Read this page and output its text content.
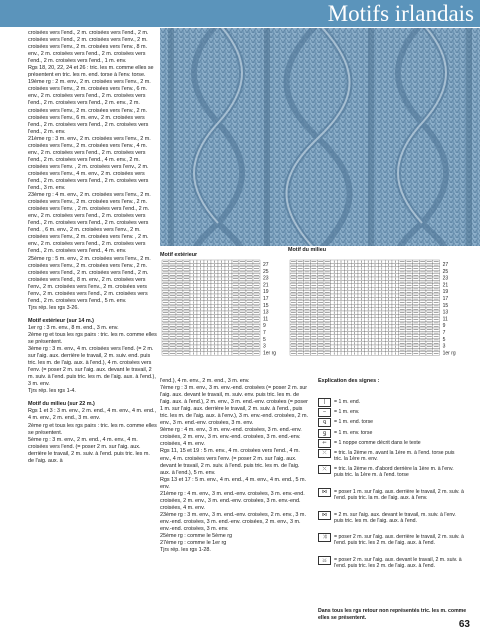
Motifs irlandais

croisées vers l'end., 2 m. croisées vers l'end., 2 m. croisées vers l'end., 2 m. croisées vers l'env., 2 m. croisées vers l'env., 2 m. croisées vers l'env., 8 m. env., 2 m. croisées vers l'end., 2 m. croisées vers l'end., 2 m. croisées vers l'end., 1 m. env.

Rgs 18, 20, 22, 24 et 26 : tric. les m. comme elles se présentent en tric. les m. end. torse à l'env. torse.

19ème rg : 2 m. env., 2 m. croisées vers l'env., 2 m. croisées vers l'env., 2 m. croisées vers l'env., 6 m. env., 2 m. croisées vers l'end., 2 m. croisées vers l'end., 2 m. croisées vers l'end., 2 m. env., 2 m. croisées vers l'env., 2 m. croisées vers l'env., 2 m. croisées vers l'env., 6 m. env., 2 m. croisées vers l'end., 2 m. croisées vers l'end., 2 m. croisées vers l'end., 2 m. env.

21ème rg : 3 m. env., 2 m. croisées vers l'env., 2 m. croisées vers l'env., 2 m. croisées vers l'env., 4 m. env., 2 m. croisées vers l'end., 2 m. croisées vers l'end., 2 m. croisées vers l'end., 4 m. env., 2 m. croisées vers l'env. , 2 m. croisées vers l'env., 2 m. croisées vers l'env., 4 m. env., 2 m. croisées vers l'end., 2 m. croisées vers l'end., 2 m. croisées vers l'end., 3 m. env.

23ème rg : 4 m. env., 2 m. croisées vers l'env., 2 m. croisées vers l'env., 2 m. croisées vers l'env., 2 m. croisées vers l'env. , 2 m. croisées vers l'end., 2 m. env., 2 m. croisées vers l'end., 2 m. croisées vers l'end., 2 m. croisées vers l'end., 2 m. croisées vers l'end. , 6 m. env., 2 m. croisées vers l'env., 2 m. croisées vers l'env., 2 m. croisées vers l'env. , 2 m. env., 2 m. croisées vers l'end., 2 m. croisées vers l'end., 2 m. croisées vers l'end., 4 m. env.

25ème rg : 5 m. env., 2 m. croisées vers l'env., 2 m. croisées vers l'env., 2 m. croisées vers l'env., 2 m. croisées vers l'end., 2 m. croisées vers l'end., 2 m. croisées vers l'end., 8 m. env., 2 m. croisées vers l'env., 2 m. croisées vers l'env., 2 m. croisées vers l'env., 2 m. croisées vers l'end., 2 m. croisées vers l'end., 2 m. croisées vers l'end., 5 m. env.

Tjrs rép. les rgs 3-26.

Motif extérieur (sur 14 m.)

1er rg : 3 m. env., 8 m. end., 3 m. env.

2ème rg et tous les rgs pairs : tric. les m. comme elles se présentent.

3ème rg : 3 m. env., 4 m. croisées vers l'end. (= 2 m. sur l'aig. aux. derrière le travail, 2 m. suiv. end. puis tric. les m. de l'aig. aux. à l'end.), 4 m. croisées vers l'env. (= poser 2 m. sur l'aig. aux. devant le travail, 2 m. suiv. à l'end. puis tric. les m. de l'aig. aux. à l'end.), 3 m. env.

Tjrs rép. les rgs 1-4.

Motif du milieu (sur 22 m.)

Rgs 1 et 3 : 3 m. env., 2 m. end., 4 m. env., 4 m. end., 4 m. env., 2 m. end., 3 m. env.

2ème rg et tous les rgs pairs : tric. les m. comme elles se présentent.

5ème rg : 3 m. env., 2 m. end., 4 m. env., 4 m. croisées vers l'end. (= poser 2 m. sur l'aig. aux. derrière le travail, 2 m. suiv. à l'end. puis tric. les m. de l'aig. aux. à

l'end.), 4 m. env., 2 m. end., 3 m. env.

7ème rg : 3 m. env., 3 m. env.-end. croisées (= poser 2 m. sur l'aig. aux. devant le travail, m. suiv. env. puis tric. les m. de l'aig. aux. à l'end.), 2 m. env., 3 m. end.-env. croisées (= poser 1 m. sur l'aig. aux. derrière le travail, 2 m. suiv. à l'end., puis tric. les m. de l'aig. aux. à l'env.), 3 m. env.-end. croisées, 2 m. env., 3 m. end.-env. croisées, 3 m. env.

9ème rg : 4 m. env., 3 m. env.-end. croisées, 3 m. end.-env. croisées, 2 m. env., 3 m. env.-end. croisées, 3 m. end.-env. croisées, 4 m. env.

Rgs 11, 15 et 19 : 5 m. env., 4 m. croisées vers l'end., 4 m. env., 4 m. croisées vers l'env. (= poser 2 m. sur l'aig. aux. devant le travail, 2 m. suiv. à l'end. puis tric. les m. de l'aig. aux. à l'end.), 5 m. env.

Rgs 13 et 17 : 5 m. env., 4 m. end., 4 m. env., 4 m. end., 5 m. env.

21ème rg : 4 m. env., 3 m. end.-env. croisées, 3 m. env.-end. croisées, 2 m. env., 3 m. end.-env. croisées, 3 m. env.-end. croisées, 4 m. env.

23ème rg : 3 m. env., 3 m. end.-env. croisées, 2 m. env., 3 m. env.-end. croisées, 3 m. end.-env. croisées, 2 m. env., 3 m. env.-end. croisées, 3 m. env.

25ème rg : comme le 5ème rg

27ème rg : comme le 1er rg

Tjrs rép. les rgs 1-28.

Motif extérieur
27
25
23
21
19
17
15
13
11
9
7
5
3
1er rg
Motif du milieu
27
25
23
21
19
17
15
13
11
9
7
5
3
1er rg
Explication des signes :
|	= 1 m. end.
–	= 1 m. env.
ꝗ	= 1 m. end. torse
ꝗ̲	= 1 m. env. torse
⇐	= 1 noppe comme décrit dans le texte
⤫	= tric. la 2ème m. avant la 1ère m. à l'end. torse puis tric. la 1ère m. env.
⤬	= tric. la 2ème m. d'abord derrière la 1ère m. à l'env. puis tric. la 1ère m. à l'end. torse
⋈	= poser 1 m. sur l'aig. aux. derrière le travail, 2 m. suiv. à l'end. puis tric. la m. de l'aig. aux. à l'env.
⋈	= 2 m. sur l'aig. aux. devant le travail, m. suiv. à l'env. puis tric. les m. de l'aig. aux. à l'end.
⤨	= poser 2 m. sur l'aig. aux. derrière le travail, 2 m. suiv. à l'end. puis tric. les 2 m. de l'aig. aux. à l'end.
⤩	= poser 2 m. sur l'aig. aux. devant le travail, 2 m. suiv. à l'end. puis tric. les 2 m. de l'aig. aux. à l'end.
Dans tous les rgs retour non représentés tric. les m. comme elles se présentent.
63
